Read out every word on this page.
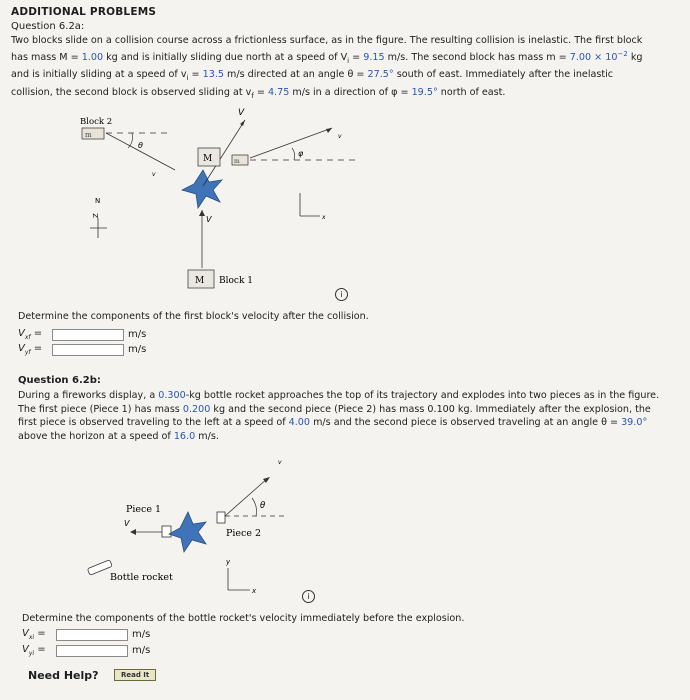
ADDITIONAL PROBLEMS
Question 6.2a:
Two blocks slide on a collision course across a frictionless surface, as in the figure. The resulting collision is inelastic. The first block
has mass M = 1.00 kg and is initially sliding due north at a speed of $V_i = 9.15$ m/s. The second block has mass $m = 7.00 \times 10^{-2}$ kg
and is initially sliding at a speed of $v_i = 13.5$ m/s directed at an angle θ = 27.5° south of east. Immediately after the inelastic
collision, the second block is observed sliding at $v_f = 4.75$ m/s in a direction of φ = 19.5° north of east.
m
Block 2
θ
v
V
M	m
φ
v
V
M Block 1
N
Z	x
i
Determine the components of the first block's velocity after the collision.
$V_{xf}$ =	m/s
$V_{yf}$ =	m/s
Question 6.2b:
During a fireworks display, a 0.300-kg bottle rocket approaches the top of its trajectory and explodes into two pieces as in the figure.
The first piece (Piece 1) has mass 0.200 kg and the second piece (Piece 2) has mass 0.100 kg. Immediately after the explosion, the
first piece is observed traveling to the left at a speed of 4.00 m/s and the second piece is observed traveling at an angle θ = 39.0°
above the horizon at a speed of 16.0 m/s.
Piece 1
V
θ
v
Piece 2
Bottle rocket
y
x
i
Determine the components of the bottle rocket's velocity immediately before the explosion.
$V_{xi}$ =	m/s
$V_{yi}$ =	m/s
Need Help?	Read It
